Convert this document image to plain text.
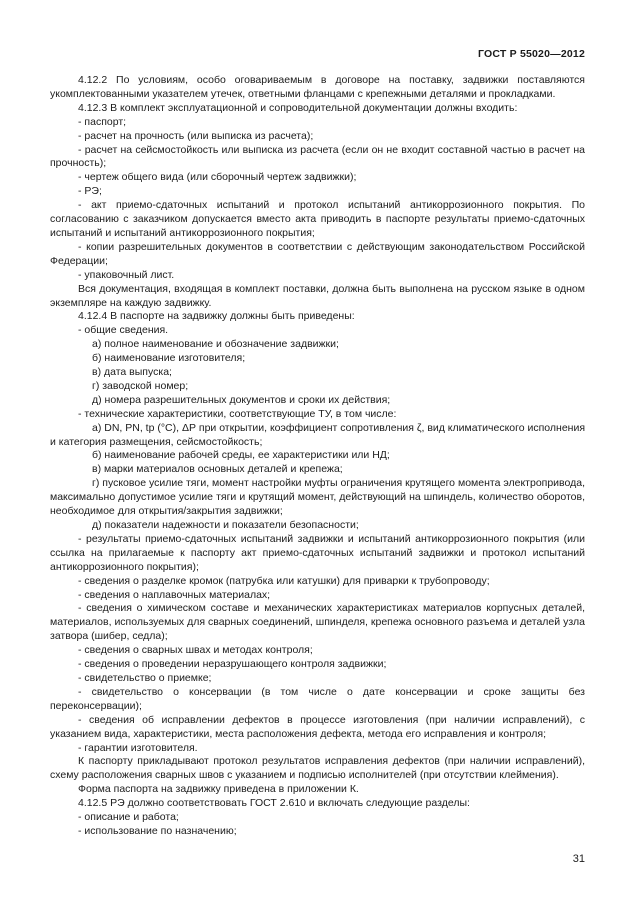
ГОСТ Р 55020—2012
4.12.2 По условиям, особо оговариваемым в договоре на поставку, задвижки поставляются укомплектованными указателем утечек, ответными фланцами с крепежными деталями и прокладками.
4.12.3 В комплект эксплуатационной и сопроводительной документации должны входить:
- паспорт;
- расчет на прочность (или выписка из расчета);
- расчет на сейсмостойкость или выписка из расчета (если он не входит составной частью в расчет на прочность);
- чертеж общего вида (или сборочный чертеж задвижки);
- РЭ;
- акт приемо-сдаточных испытаний и протокол испытаний антикоррозионного покрытия. По согласованию с заказчиком допускается вместо акта приводить в паспорте результаты приемо-сдаточных испытаний и испытаний антикоррозионного покрытия;
- копии разрешительных документов в соответствии с действующим законодательством Российской Федерации;
- упаковочный лист.
Вся документация, входящая в комплект поставки, должна быть выполнена на русском языке в одном экземпляре на каждую задвижку.
4.12.4 В паспорте на задвижку должны быть приведены:
- общие сведения.
а) полное наименование и обозначение задвижки;
б) наименование изготовителя;
в) дата выпуска;
г) заводской номер;
д) номера разрешительных документов и сроки их действия;
- технические характеристики, соответствующие ТУ, в том числе:
а) DN, PN, tр (°С), ΔР при открытии, коэффициент сопротивления ζ, вид климатического исполнения и категория размещения, сейсмостойкость;
б) наименование рабочей среды, ее характеристики или НД;
в) марки материалов основных деталей и крепежа;
г) пусковое усилие тяги, момент настройки муфты ограничения крутящего момента электропривода, максимально допустимое усилие тяги и крутящий момент, действующий на шпиндель, количество оборотов, необходимое для открытия/закрытия задвижки;
д) показатели надежности и показатели безопасности;
- результаты приемо-сдаточных испытаний задвижки и испытаний антикоррозионного покрытия (или ссылка на прилагаемые к паспорту акт приемо-сдаточных испытаний задвижки и протокол испытаний антикоррозионного покрытия);
- сведения о разделке кромок (патрубка или катушки) для приварки к трубопроводу;
- сведения о наплавочных материалах;
- сведения о химическом составе и механических характеристиках материалов корпусных деталей, материалов, используемых для сварных соединений, шпинделя, крепежа основного разъема и деталей узла затвора (шибер, седла);
- сведения о сварных швах и методах контроля;
- сведения о проведении неразрушающего контроля задвижки;
- свидетельство о приемке;
- свидетельство о консервации (в том числе о дате консервации и сроке защиты без переконсервации);
- сведения об исправлении дефектов в процессе изготовления (при наличии исправлений), с указанием вида, характеристики, места расположения дефекта, метода его исправления и контроля;
- гарантии изготовителя.
К паспорту прикладывают протокол результатов исправления дефектов (при наличии исправлений), схему расположения сварных швов с указанием и подписью исполнителей (при отсутствии клеймения).
Форма паспорта на задвижку приведена в приложении К.
4.12.5 РЭ должно соответствовать ГОСТ 2.610 и включать следующие разделы:
- описание и работа;
- использование по назначению;
31
